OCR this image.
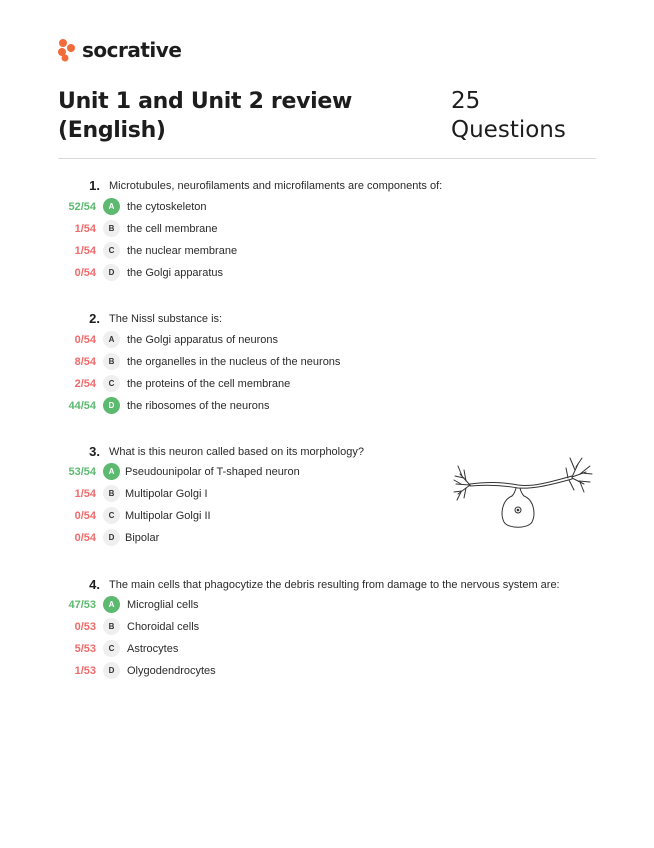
socrative
Unit 1 and Unit 2 review
(English)
25
Questions
1. Microtubules, neurofilaments and microfilaments are components of:
52/54	A	the cytoskeleton
1/54	B	the cell membrane
1/54	C	the nuclear membrane
0/54	D	the Golgi apparatus
2. The Nissl substance is:
0/54	A	the Golgi apparatus of neurons
8/54	B	the organelles in the nucleus of the neurons
2/54	C	the proteins of the cell membrane
44/54	D	the ribosomes of the neurons
3. What is this neuron called based on its morphology?
53/54	A Pseudounipolar of T-shaped neuron
1/54	B Multipolar Golgi I
0/54	C Multipolar Golgi II
0/54	D Bipolar
4. The main cells that phagocytize the debris resulting from damage to the nervous system are:
47/53	A	Microglial cells
0/53	B	Choroidal cells
5/53	C	Astrocytes
1/53	D	Olygodendrocytes
